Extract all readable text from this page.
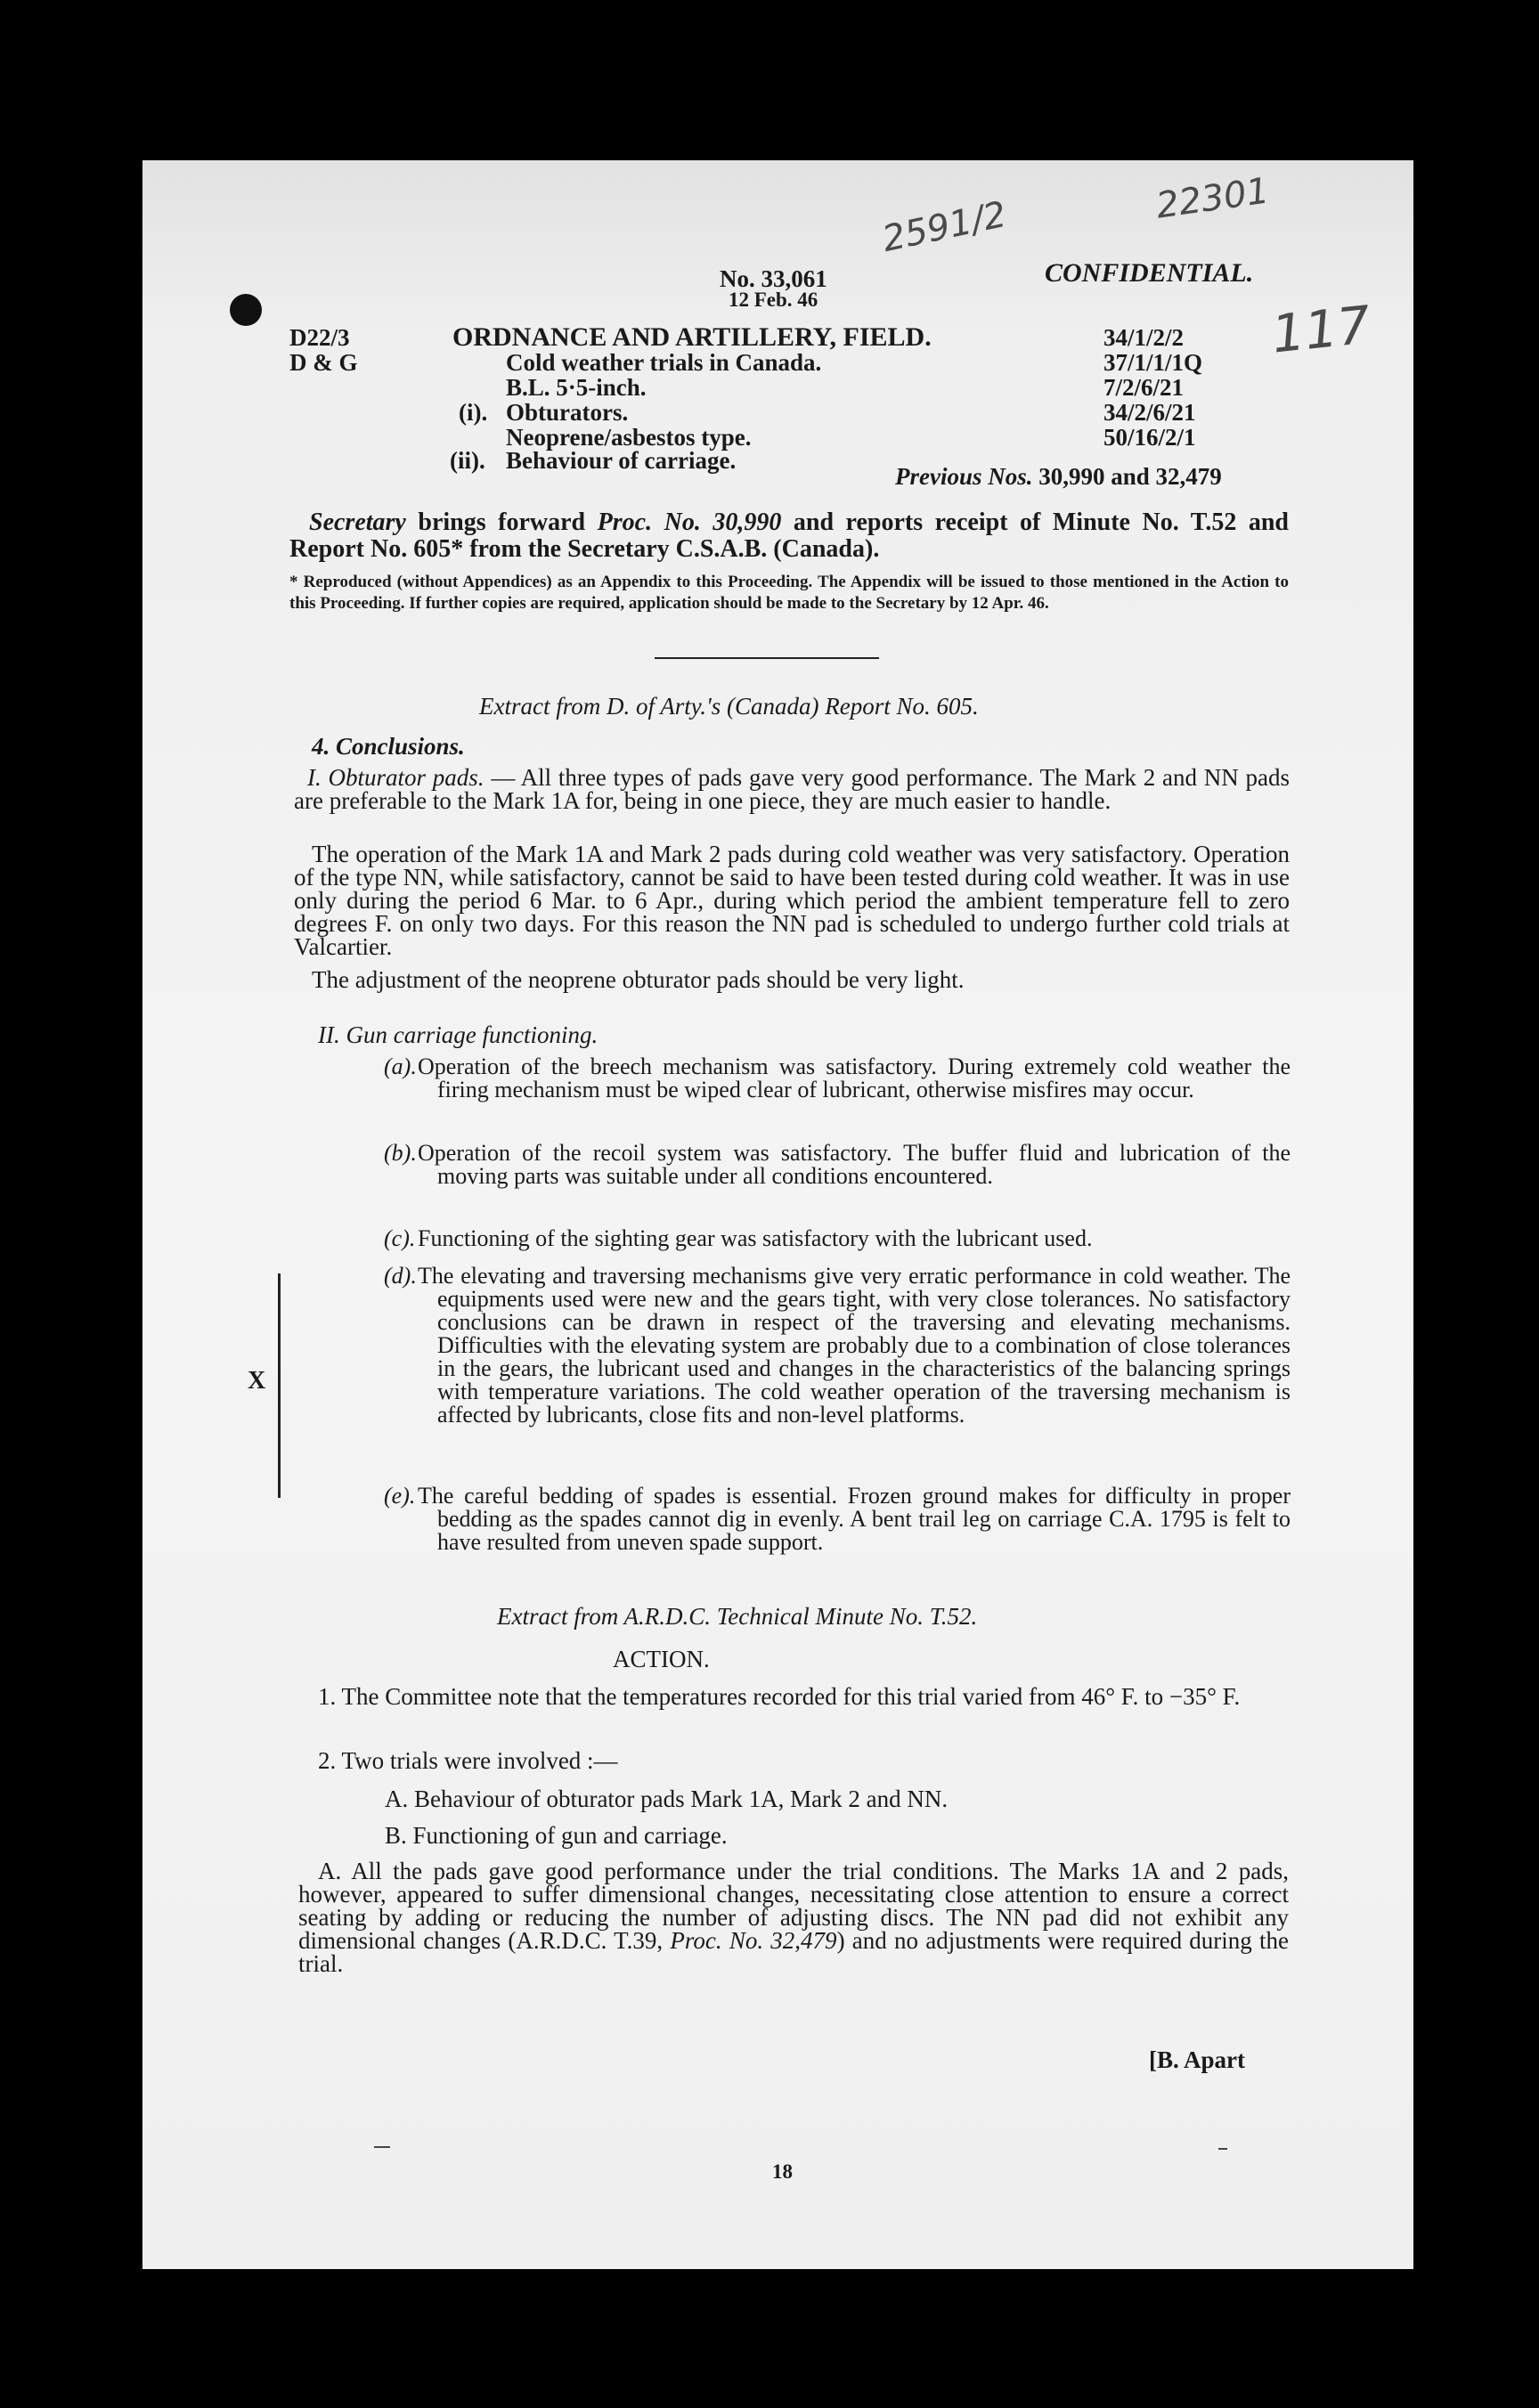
2591/2	22301
117
No. 33,061
12 Feb. 46
CONFIDENTIAL.
D22/3
D & G
ORDNANCE AND ARTILLERY, FIELD.
Cold weather trials in Canada.
B.L. 5·5-inch.
(i). Obturators.
Neoprene/asbestos type.
(ii). Behaviour of carriage.
34/1/2/2
37/1/1/1Q
7/2/6/21
34/2/6/21
50/16/2/1
Previous Nos. 30,990 and 32,479
Secretary brings forward Proc. No. 30,990 and reports receipt of Minute No. T.52 and Report No. 605* from the Secretary C.S.A.B. (Canada).
* Reproduced (without Appendices) as an Appendix to this Proceeding. The Appendix will be issued to those mentioned in the Action to this Proceeding. If further copies are required, application should be made to the Secretary by 12 Apr. 46.
Extract from D. of Arty.'s (Canada) Report No. 605.
4. Conclusions.
I. Obturator pads. — All three types of pads gave very good performance. The Mark 2 and NN pads are preferable to the Mark 1A for, being in one piece, they are much easier to handle.
The operation of the Mark 1A and Mark 2 pads during cold weather was very satisfactory. Operation of the type NN, while satisfactory, cannot be said to have been tested during cold weather. It was in use only during the period 6 Mar. to 6 Apr., during which period the ambient temperature fell to zero degrees F. on only two days. For this reason the NN pad is scheduled to undergo further cold trials at Valcartier.
The adjustment of the neoprene obturator pads should be very light.
II. Gun carriage functioning.
(a). Operation of the breech mechanism was satisfactory. During extremely cold weather the firing mechanism must be wiped clear of lubricant, otherwise misfires may occur.
(b). Operation of the recoil system was satisfactory. The buffer fluid and lubrication of the moving parts was suitable under all conditions encountered.
(c). Functioning of the sighting gear was satisfactory with the lubricant used.
(d). The elevating and traversing mechanisms give very erratic performance in cold weather. The equipments used were new and the gears tight, with very close tolerances. No satisfactory conclusions can be drawn in respect of the traversing and elevating mechanisms. Difficulties with the elevating system are probably due to a combination of close tolerances in the gears, the lubricant used and changes in the characteristics of the balancing springs with temperature variations. The cold weather operation of the traversing mechanism is affected by lubricants, close fits and non-level platforms.
(e). The careful bedding of spades is essential. Frozen ground makes for difficulty in proper bedding as the spades cannot dig in evenly. A bent trail leg on carriage C.A. 1795 is felt to have resulted from uneven spade support.
X
Extract from A.R.D.C. Technical Minute No. T.52.
ACTION.
1. The Committee note that the temperatures recorded for this trial varied from 46° F. to −35° F.
2. Two trials were involved :—
A. Behaviour of obturator pads Mark 1A, Mark 2 and NN.
B. Functioning of gun and carriage.
A. All the pads gave good performance under the trial conditions. The Marks 1A and 2 pads, however, appeared to suffer dimensional changes, necessitating close attention to ensure a correct seating by adding or reducing the number of adjusting discs. The NN pad did not exhibit any dimensional changes (A.R.D.C. T.39, Proc. No. 32,479) and no adjustments were required during the trial.
[B. Apart
18
